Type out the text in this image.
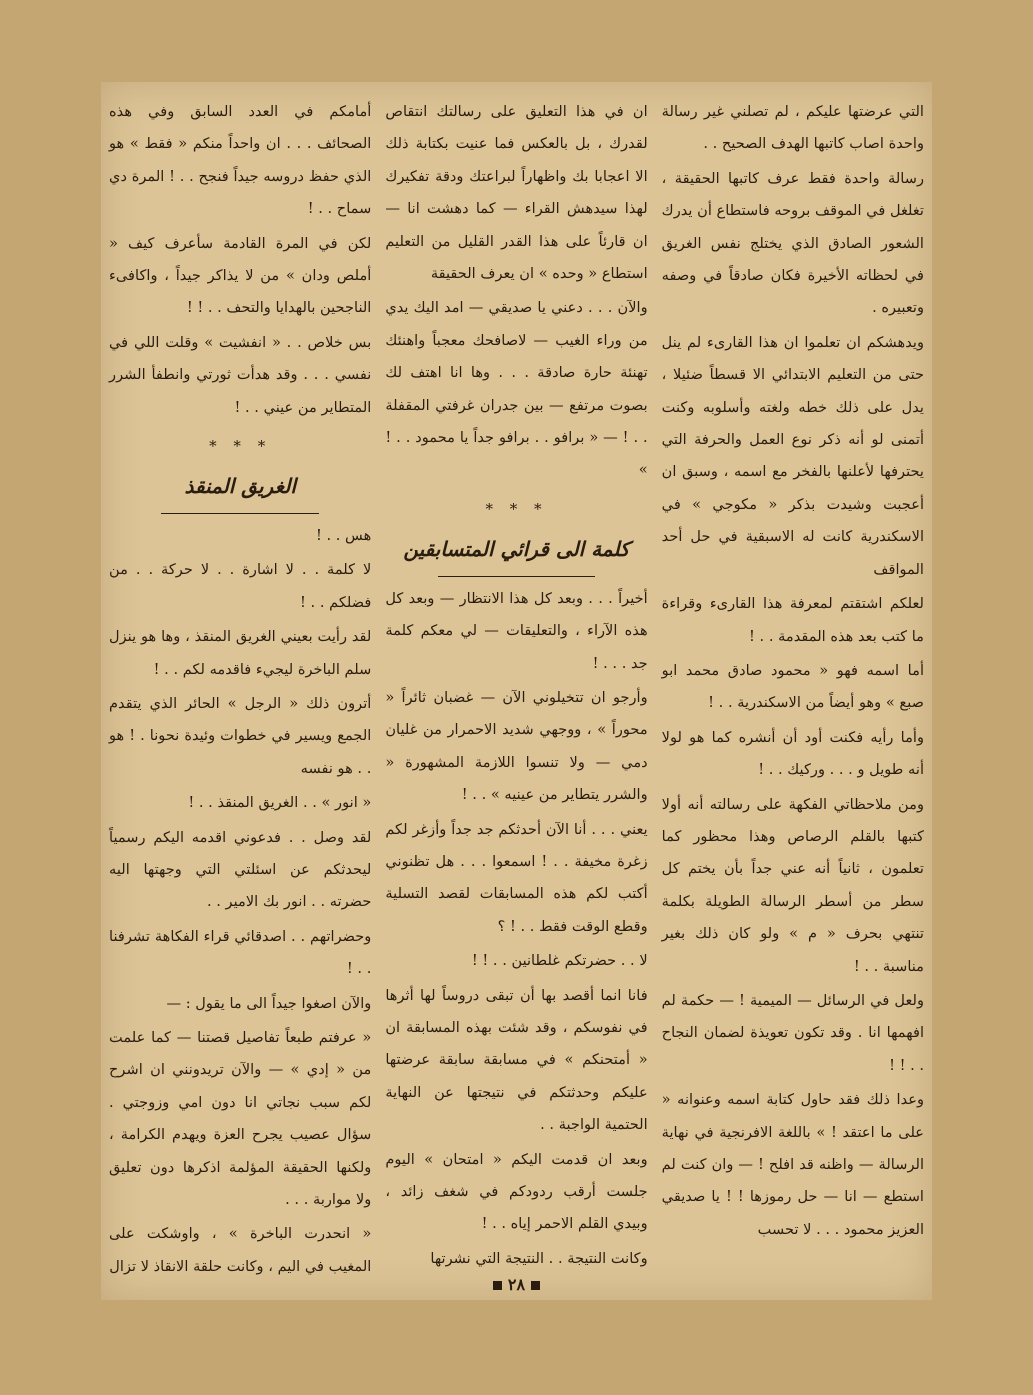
التي عرضتها عليكم ، لم تصلني غير رسالة واحدة اصاب كاتبها الهدف الصحيح . .

رسالة واحدة فقط عرف كاتبها الحقيقة ، تغلغل في الموقف بروحه فاستطاع أن يدرك الشعور الصادق الذي يختلج نفس الغريق في لحظاته الأخيرة فكان صادقاً في وصفه وتعبيره .

ويدهشكم ان تعلموا ان هذا القارىء لم ينل حتى من التعليم الابتدائي الا قسطاً ضئيلا ، يدل على ذلك خطه ولغته وأسلوبه وكنت أتمنى لو أنه ذكر نوع العمل والحرفة التي يحترفها لأعلنها بالفخر مع اسمه ، وسبق ان أعجبت وشيدت بذكر « مكوجي » في الاسكندرية كانت له الاسبقية في حل أحد المواقف

لعلكم اشتقتم لمعرفة هذا القارىء وقراءة ما كتب بعد هذه المقدمة . . !

أما اسمه فهو « محمود صادق محمد ابو صبع » وهو أيضاً من الاسكندرية . . !

وأما رأيه فكنت أود أن أنشره كما هو لولا أنه طويل و . . . وركيك . . !

ومن ملاحظاتي الفكهة على رسالته أنه أولا كتبها بالقلم الرصاص وهذا محظور كما تعلمون ، ثانياً أنه عني جداً بأن يختم كل سطر من أسطر الرسالة الطويلة بكلمة تنتهي بحرف « م » ولو كان ذلك بغير مناسبة . . !

ولعل في الرسائل — الميمية ! — حكمة لم افهمها انا . وقد تكون تعويذة لضمان النجاح . . ! !

وعدا ذلك فقد حاول كتابة اسمه وعنوانه « على ما اعتقد ! » باللغة الافرنجية في نهاية الرسالة — واظنه قد افلح ! — وان كنت لم استطع — انا — حل رموزها ! ! يا صديقي العزيز محمود . . . لا تحسب

ان في هذا التعليق على رسالتك انتقاص لقدرك ، بل بالعكس فما عنيت بكتابة ذلك الا اعجابا بك واظهاراً لبراعتك ودقة تفكيرك لهذا سيدهش القراء — كما دهشت انا — ان قارئاً على هذا القدر القليل من التعليم استطاع « وحده » ان يعرف الحقيقة

والآن . . . دعني يا صديقي — امد اليك يدي من وراء الغيب — لاصافحك معجباً واهنئك تهنئة حارة صادقة . . . وها انا اهتف لك بصوت مرتفع — بين جدران غرفتي المقفلة . . ! — « برافو . . برافو جداً يا محمود . . ! »

* * *
كلمة الى قرائي المتسابقين

أخيراً . . . وبعد كل هذا الانتظار — وبعد كل هذه الآراء ، والتعليقات — لي معكم كلمة جد . . . !

وأرجو ان تتخيلوني الآن — غضبان ثائراً « محوراً » ، ووجهي شديد الاحمرار من غليان دمي — ولا تنسوا اللازمة المشهورة « والشرر يتطاير من عينيه » . . !

يعني . . . أنا الآن أحدثكم جد جداً وأزغر لكم زغرة مخيفة . . ! اسمعوا . . . هل تظنوني أكتب لكم هذه المسابقات لقصد التسلية وقطع الوقت فقط . . ! ؟

لا . . حضرتكم غلطانين . . ! !

فانا انما أقصد بها أن تبقى دروساً لها أثرها في نفوسكم ، وقد شئت بهذه المسابقة ان « أمتحنكم » في مسابقة سابقة عرضتها عليكم وحدثتكم في نتيجتها عن النهاية الحتمية الواجبة . .

وبعد ان قدمت اليكم « امتحان » اليوم جلست أرقب ردودكم في شغف زائد ، وبيدي القلم الاحمر إياه . . !

وكانت النتيجة . . النتيجة التي نشرتها

أمامكم في العدد السابق وفي هذه الصحائف . . . ان واحداً منكم « فقط » هو الذي حفظ دروسه جيداً فنجح . . ! المرة دي سماح . . !

لكن في المرة القادمة سأعرف كيف « أملص ودان » من لا يذاكر جيداً ، واكافىء الناجحين بالهدايا والتحف . . ! !

بس خلاص . . « انفشيت » وقلت اللي في نفسي . . . وقد هدأت ثورتي وانطفأ الشرر المتطاير من عيني . . !

* * *
الغريق المنقذ

هس . . !

لا كلمة . . لا اشارة . . لا حركة . . من فضلكم . . !

لقد رأيت بعيني الغريق المنقذ ، وها هو ينزل سلم الباخرة ليجيء فاقدمه لكم . . !

أترون ذلك « الرجل » الحائر الذي يتقدم الجمع ويسير في خطوات وئيدة نحونا . ! هو . . هو نفسه

« انور » . . الغريق المنقذ . . !

لقد وصل . . فدعوني اقدمه اليكم رسمياً ليحدثكم عن اسئلتي التي وجهتها اليه حضرته . . انور بك الامير . .

وحضراتهم . . اصدقائي قراء الفكاهة تشرفنا . . !

والآن اصغوا جيداً الى ما يقول : —

« عرفتم طبعاً تفاصيل قصتنا — كما علمت من « إدي » — والآن تريدونني ان اشرح لكم سبب نجاتي انا دون امي وزوجتي . سؤال عصيب يجرح العزة ويهدم الكرامة ، ولكنها الحقيقة المؤلمة اذكرها دون تعليق ولا مواربة . . .

« انحدرت الباخرة » ، واوشكت على المغيب في اليم ، وكانت حلقة الانقاذ لا تزال

٢٨
